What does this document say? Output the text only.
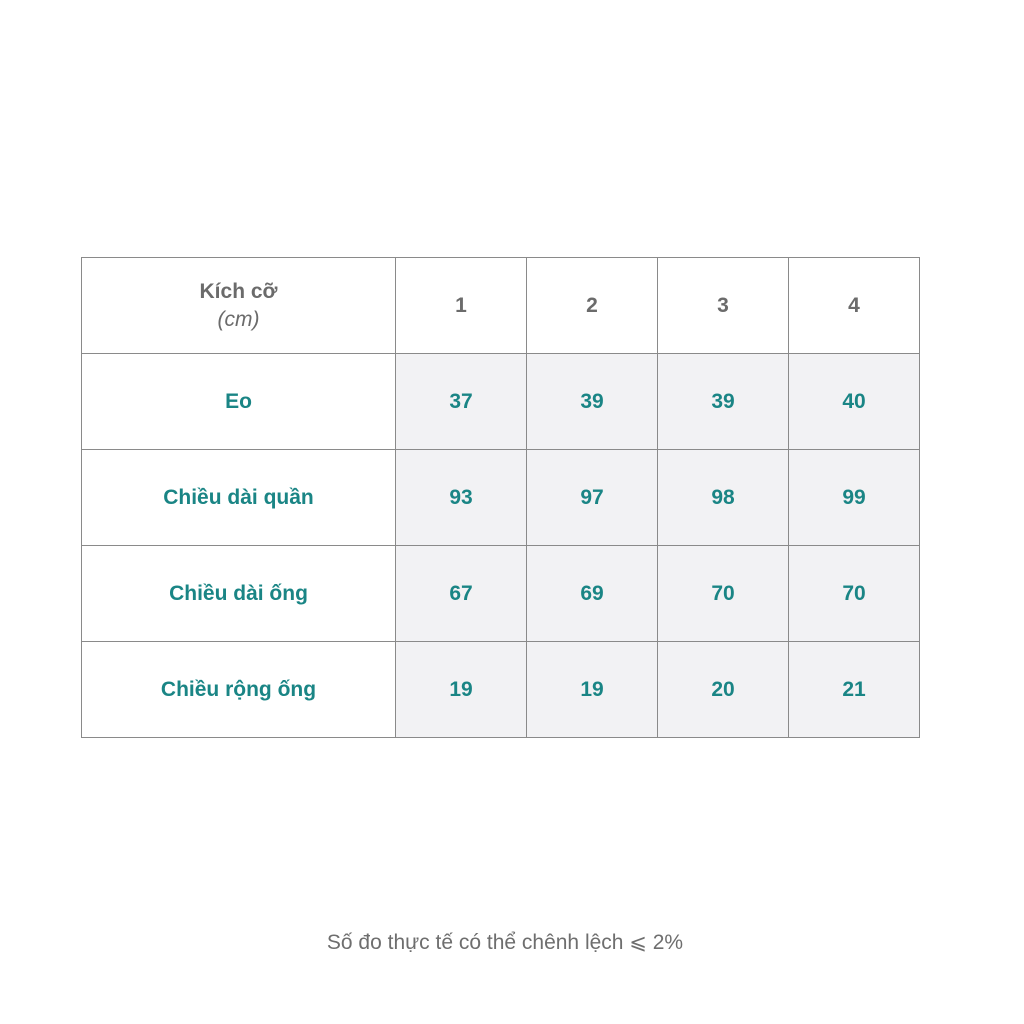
Kích cỡ
(cm)	1	2	3	4
Eo	37	39	39	40
Chiều dài quần	93	97	98	99
Chiều dài ống	67	69	70	70
Chiều rộng ống	19	19	20	21
Số đo thực tế có thể chênh lệch ⩽ 2%
